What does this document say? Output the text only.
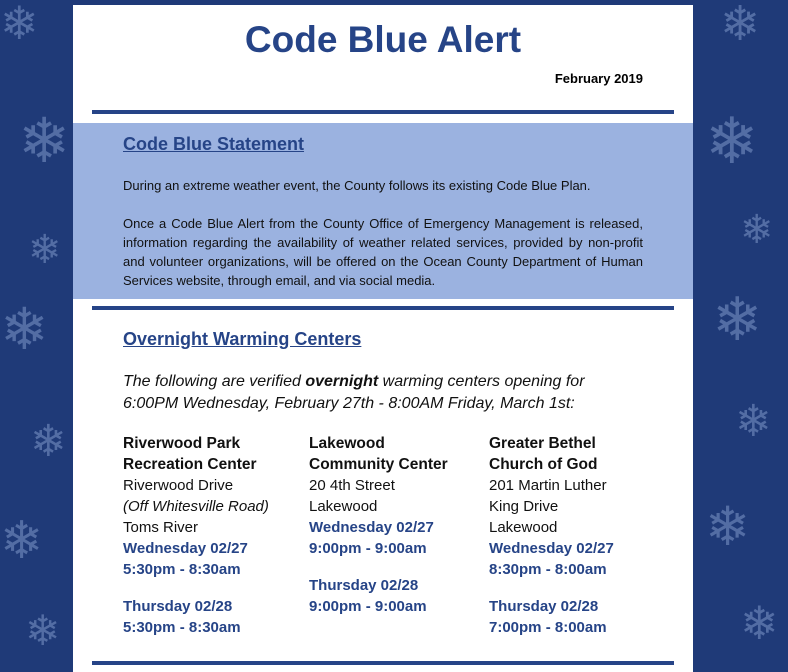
❄
❄
❄
❄
❄
❄
❄
❄
❄
❄
❄
❄
❄
❄
Code Blue Alert
February 2019
Code Blue Statement
During an extreme weather event, the County follows its existing Code Blue Plan.
Once a Code Blue Alert from the County Office of Emergency Management is released, information regarding the availability of weather related services, provided by non-profit and volunteer organizations, will be offered on the Ocean County Department of Human Services website, through email, and via social media.
Overnight Warming Centers
The following are verified overnight warming centers opening for 6:00PM Wednesday, February 27th - 8:00AM Friday, March 1st:
Riverwood Park
Recreation Center
Riverwood Drive
(Off Whitesville Road)
Toms River
Wednesday 02/27
5:30pm - 8:30am
Thursday 02/28
5:30pm - 8:30am
Lakewood
Community Center
20 4th Street
Lakewood
Wednesday 02/27
9:00pm - 9:00am
Thursday 02/28
9:00pm - 9:00am
Greater Bethel
Church of God
201 Martin Luther
King Drive
Lakewood
Wednesday 02/27
8:30pm - 8:00am
Thursday 02/28
7:00pm - 8:00am
